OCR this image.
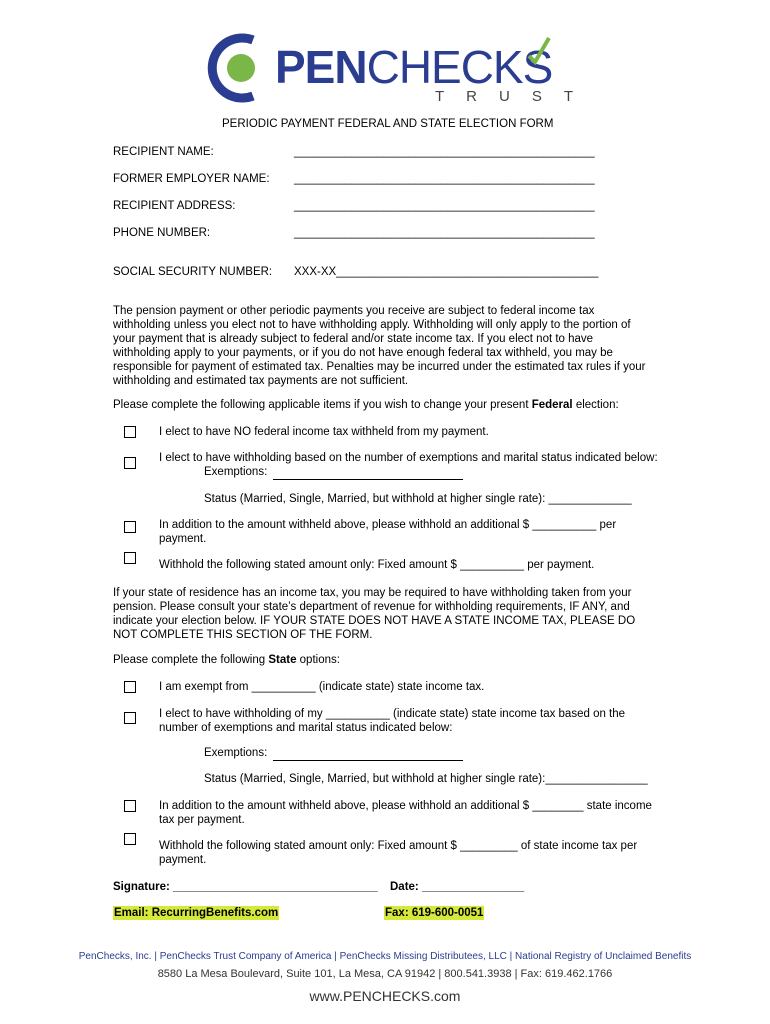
PENCHECKS
TRUST
PERIODIC PAYMENT FEDERAL AND STATE ELECTION FORM
RECIPIENT NAME:	_______________________________________________
FORMER EMPLOYER NAME: _______________________________________________
RECIPIENT ADDRESS:	_______________________________________________
PHONE NUMBER:	_______________________________________________
SOCIAL SECURITY NUMBER: XXX-XX_________________________________________
The pension payment or other periodic payments you receive are subject to federal income tax withholding unless you elect not to have withholding apply. Withholding will only apply to the portion of your payment that is already subject to federal and/or state income tax. If you elect not to have withholding apply to your payments, or if you do not have enough federal tax withheld, you may be responsible for payment of estimated tax. Penalties may be incurred under the estimated tax rules if your withholding and estimated tax payments are not sufficient.
Please complete the following applicable items if you wish to change your present Federal election:
I elect to have NO federal income tax withheld from my payment.
I elect to have withholding based on the number of exemptions and marital status indicated below:
Exemptions:
Status (Married, Single, Married, but withhold at higher single rate): _____________
In addition to the amount withheld above, please withhold an additional $ __________ per
payment.
Withhold the following stated amount only: Fixed amount $ __________ per payment.
If your state of residence has an income tax, you may be required to have withholding taken from your pension. Please consult your state’s department of revenue for withholding requirements, IF ANY, and indicate your election below. IF YOUR STATE DOES NOT HAVE A STATE INCOME TAX, PLEASE DO NOT COMPLETE THIS SECTION OF THE FORM.
Please complete the following State options:
I am exempt from __________ (indicate state) state income tax.
I elect to have withholding of my __________ (indicate state) state income tax based on the
number of exemptions and marital status indicated below:
Exemptions:
Status (Married, Single, Married, but withhold at higher single rate):________________
In addition to the amount withheld above, please withhold an additional $ ________ state income
tax per payment.
Withhold the following stated amount only: Fixed amount $ _________ of state income tax per
payment.
Signature: ________________________________ Date: ________________
Email: RecurringBenefits.com	Fax: 619-600-0051
PenChecks, Inc. | PenChecks Trust Company of America | PenChecks Missing Distributees, LLC | National Registry of Unclaimed Benefits
8580 La Mesa Boulevard, Suite 101, La Mesa, CA 91942 | 800.541.3938 | Fax: 619.462.1766
www.PENCHECKS.com
